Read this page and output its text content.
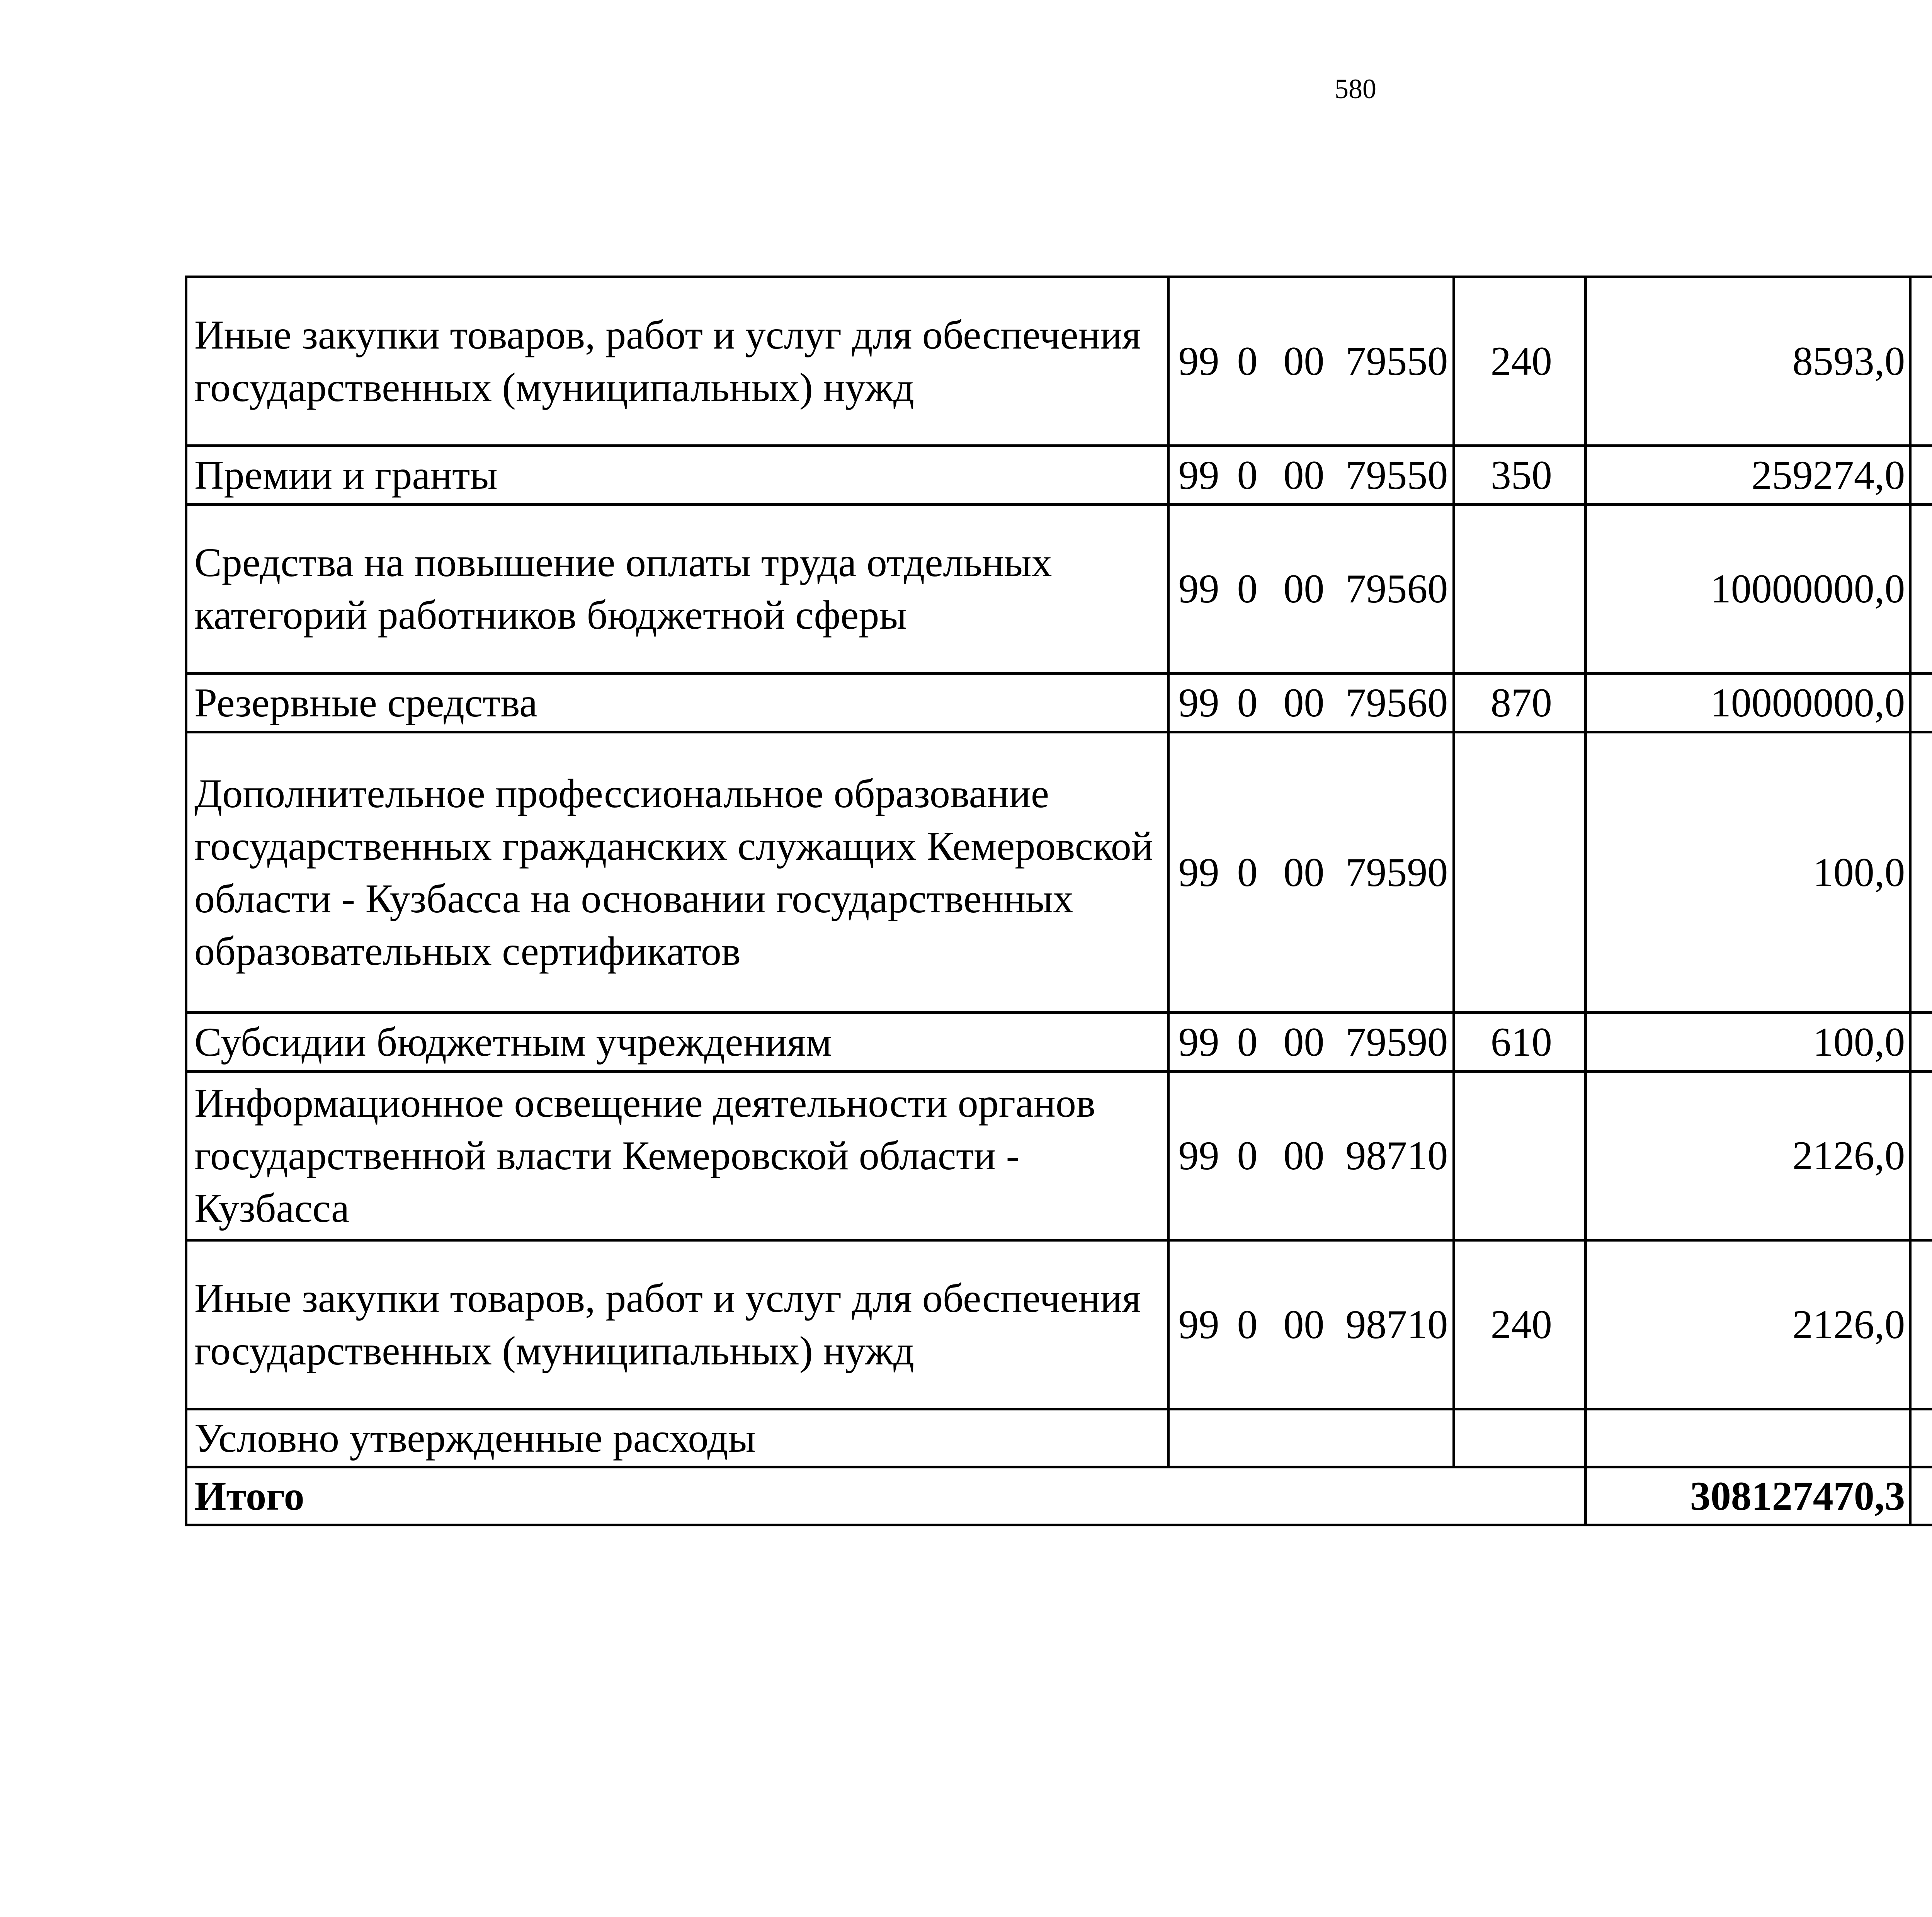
580
Иные закупки товаров, работ и услуг для обеспечения государственных (муниципальных) нужд	99	0	00	79550	240	8593,0		
Премии и гранты	99	0	00	79550	350	259274,0		
Средства на повышение оплаты труда отдельных категорий работников бюджетной сферы	99	0	00	79560		10000000,0		
Резервные средства	99	0	00	79560	870	10000000,0		
Дополнительное профессиональное образование государственных гражданских служащих Кемеровской области - Кузбасса на основании государственных образовательных сертификатов	99	0	00	79590		100,0		
Субсидии бюджетным учреждениям	99	0	00	79590	610	100,0		
Информационное освещение деятельности органов государственной власти Кемеровской области - Кузбасса	99	0	00	98710		2126,0		
Иные закупки товаров, работ и услуг для обеспечения государственных (муниципальных) нужд	99	0	00	98710	240	2126,0		
Условно утвержденные расходы								
Итого						308127470,3		
